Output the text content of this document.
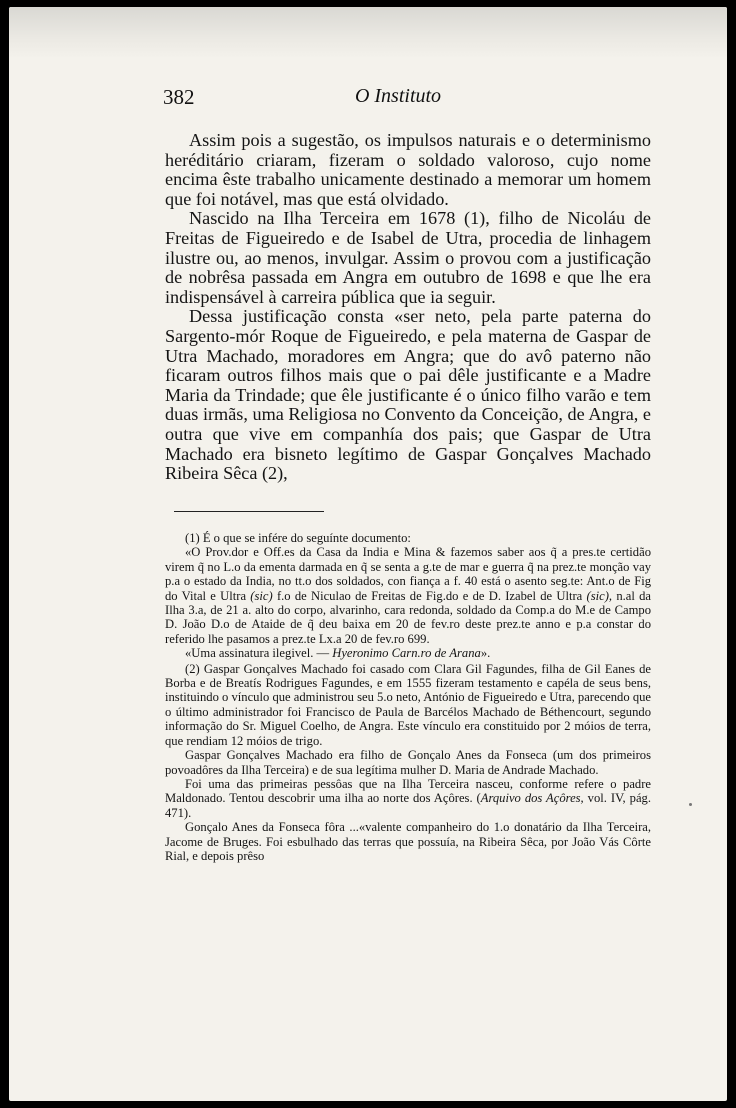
382	O Instituto

Assim pois a sugestão, os impulsos naturais e o determinismo heréditário criaram, fizeram o soldado valoroso, cujo nome encima êste trabalho unicamente destinado a memorar um homem que foi notável, mas que está olvidado.

Nascido na Ilha Terceira em 1678 (1), filho de Nicoláu de Freitas de Figueiredo e de Isabel de Utra, procedia de linhagem ilustre ou, ao menos, invulgar. Assim o provou com a justificação de nobrêsa passada em Angra em outubro de 1698 e que lhe era indispensável à carreira pública que ia seguir.

Dessa justificação consta «ser neto, pela parte paterna do Sargento-mór Roque de Figueiredo, e pela materna de Gaspar de Utra Machado, moradores em Angra; que do avô paterno não ficaram outros filhos mais que o pai dêle justificante e a Madre Maria da Trindade; que êle justificante é o único filho varão e tem duas irmãs, uma Religiosa no Convento da Conceição, de Angra, e outra que vive em companhía dos pais; que Gaspar de Utra Machado era bisneto legítimo de Gaspar Gonçalves Machado Ribeira Sêca (2),

(1) É o que se infére do seguínte documento:

«O Prov.dor e Off.es da Casa da India e Mina & fazemos saber aos q̃ a pres.te certidão virem q̃ no L.o da ementa darmada en q̃ se senta a g.te de mar e guerra q̃ na prez.te monção vay p.a o estado da India, no tt.o dos soldados, con fiança a f. 40 está o asento seg.te: Ant.o de Fig do Vital e Ultra (sic) f.o de Niculao de Freitas de Fig.do e de D. Izabel de Ultra (sic), n.al da Ilha 3.a, de 21 a. alto do corpo, alvarinho, cara redonda, soldado da Comp.a do M.e de Campo D. João D.o de Ataide de q̃ deu baixa em 20 de fev.ro deste prez.te anno e p.a constar do referido lhe pasamos a prez.te Lx.a 20 de fev.ro 699.

«Uma assinatura ilegivel. — Hyeronimo Carn.ro de Arana».

(2) Gaspar Gonçalves Machado foi casado com Clara Gil Fagundes, filha de Gil Eanes de Borba e de Breatís Rodrigues Fagundes, e em 1555 fizeram testamento e capéla de seus bens, instituindo o vínculo que administrou seu 5.o neto, António de Figueiredo e Utra, parecendo que o último administrador foi Francisco de Paula de Barcélos Machado de Béthencourt, segundo informação do Sr. Miguel Coelho, de Angra. Este vínculo era constituido por 2 móios de terra, que rendiam 12 móios de trigo.

Gaspar Gonçalves Machado era filho de Gonçalo Anes da Fonseca (um dos primeiros povoadôres da Ilha Terceira) e de sua legítima mulher D. Maria de Andrade Machado.

Foi uma das primeiras pessôas que na Ilha Terceira nasceu, conforme refere o padre Maldonado. Tentou descobrir uma ilha ao norte dos Açôres. (Arquivo dos Açôres, vol. IV, pág. 471).

Gonçalo Anes da Fonseca fôra ...«valente companheiro do 1.o donatário da Ilha Terceira, Jacome de Bruges. Foi esbulhado das terras que possuía, na Ribeira Sêca, por João Vás Côrte Rial, e depois prêso
